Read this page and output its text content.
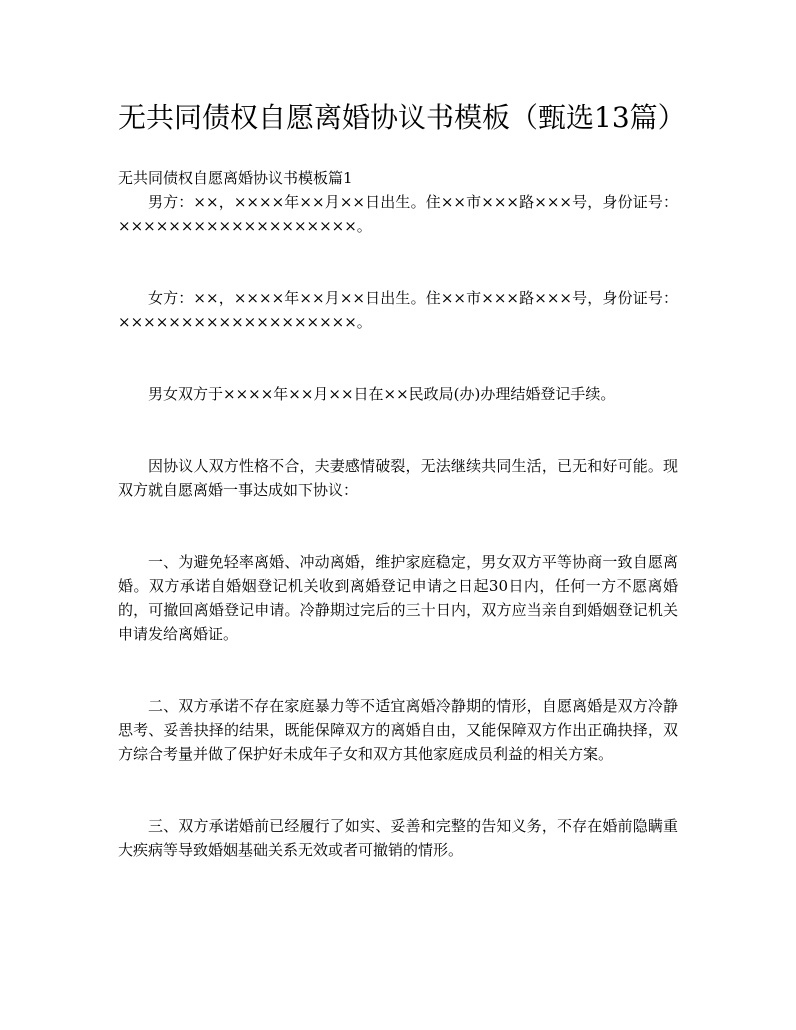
无共同债权自愿离婚协议书模板（甄选13篇）

无共同债权自愿离婚协议书模板篇1

男方：××，××××年××月××日出生。住××市×××路×××号，身份证号：×××××××××××××××××××。

女方：××，××××年××月××日出生。住××市×××路×××号，身份证号：×××××××××××××××××××。

男女双方于××××年××月××日在××民政局(办)办理结婚登记手续。

因协议人双方性格不合，夫妻感情破裂，无法继续共同生活，已无和好可能。现双方就自愿离婚一事达成如下协议：

一、为避免轻率离婚、冲动离婚，维护家庭稳定，男女双方平等协商一致自愿离婚。双方承诺自婚姻登记机关收到离婚登记申请之日起30日内，任何一方不愿离婚的，可撤回离婚登记申请。冷静期过完后的三十日内，双方应当亲自到婚姻登记机关申请发给离婚证。

二、双方承诺不存在家庭暴力等不适宜离婚冷静期的情形，自愿离婚是双方冷静思考、妥善抉择的结果，既能保障双方的离婚自由，又能保障双方作出正确抉择，双方综合考量并做了保护好未成年子女和双方其他家庭成员利益的相关方案。

三、双方承诺婚前已经履行了如实、妥善和完整的告知义务，不存在婚前隐瞒重大疾病等导致婚姻基础关系无效或者可撤销的情形。
